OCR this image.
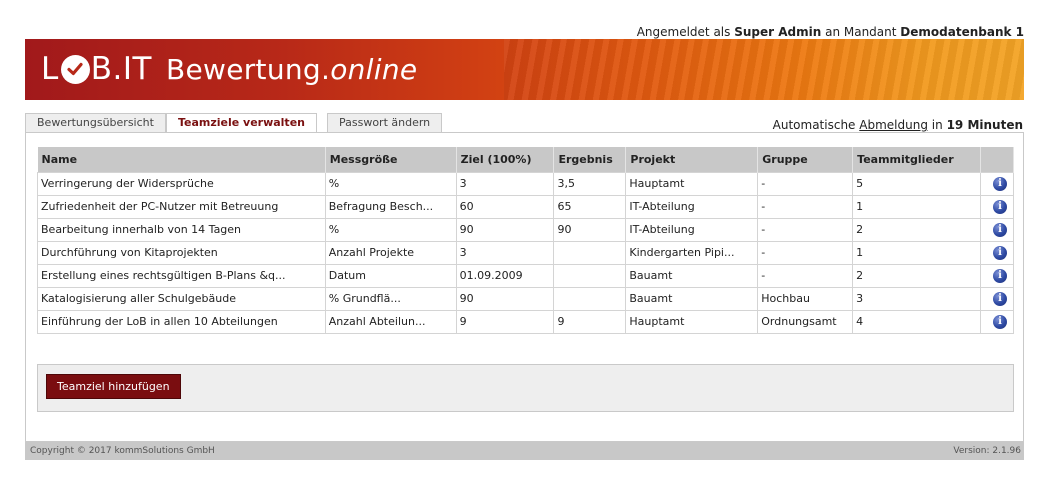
Angemeldet als Super Admin an Mandant Demodatenbank 1
L B.IT Bewertung.online
Bewertungsübersicht	Teamziele verwalten	Passwort ändern	Automatische Abmeldung in 19 Minuten
Name	Messgröße	Ziel (100%)	Ergebnis	Projekt	Gruppe	Teammitglieder	
Verringerung der Widersprüche	%	3	3,5	Hauptamt	-	5	i
Zufriedenheit der PC-Nutzer mit Betreuung	Befragung Besch...	60	65	IT-Abteilung	-	1	i
Bearbeitung innerhalb von 14 Tagen	%	90	90	IT-Abteilung	-	2	i
Durchführung von Kitaprojekten	Anzahl Projekte	3		Kindergarten Pipi...	-	1	i
Erstellung eines rechtsgültigen B-Plans &q...	Datum	01.09.2009		Bauamt	-	2	i
Katalogisierung aller Schulgebäude	% Grundflä...	90		Bauamt	Hochbau	3	i
Einführung der LoB in allen 10 Abteilungen	Anzahl Abteilun...	9	9	Hauptamt	Ordnungsamt	4	i
Teamziel hinzufügen
Copyright © 2017 kommSolutions GmbH	Version: 2.1.96
